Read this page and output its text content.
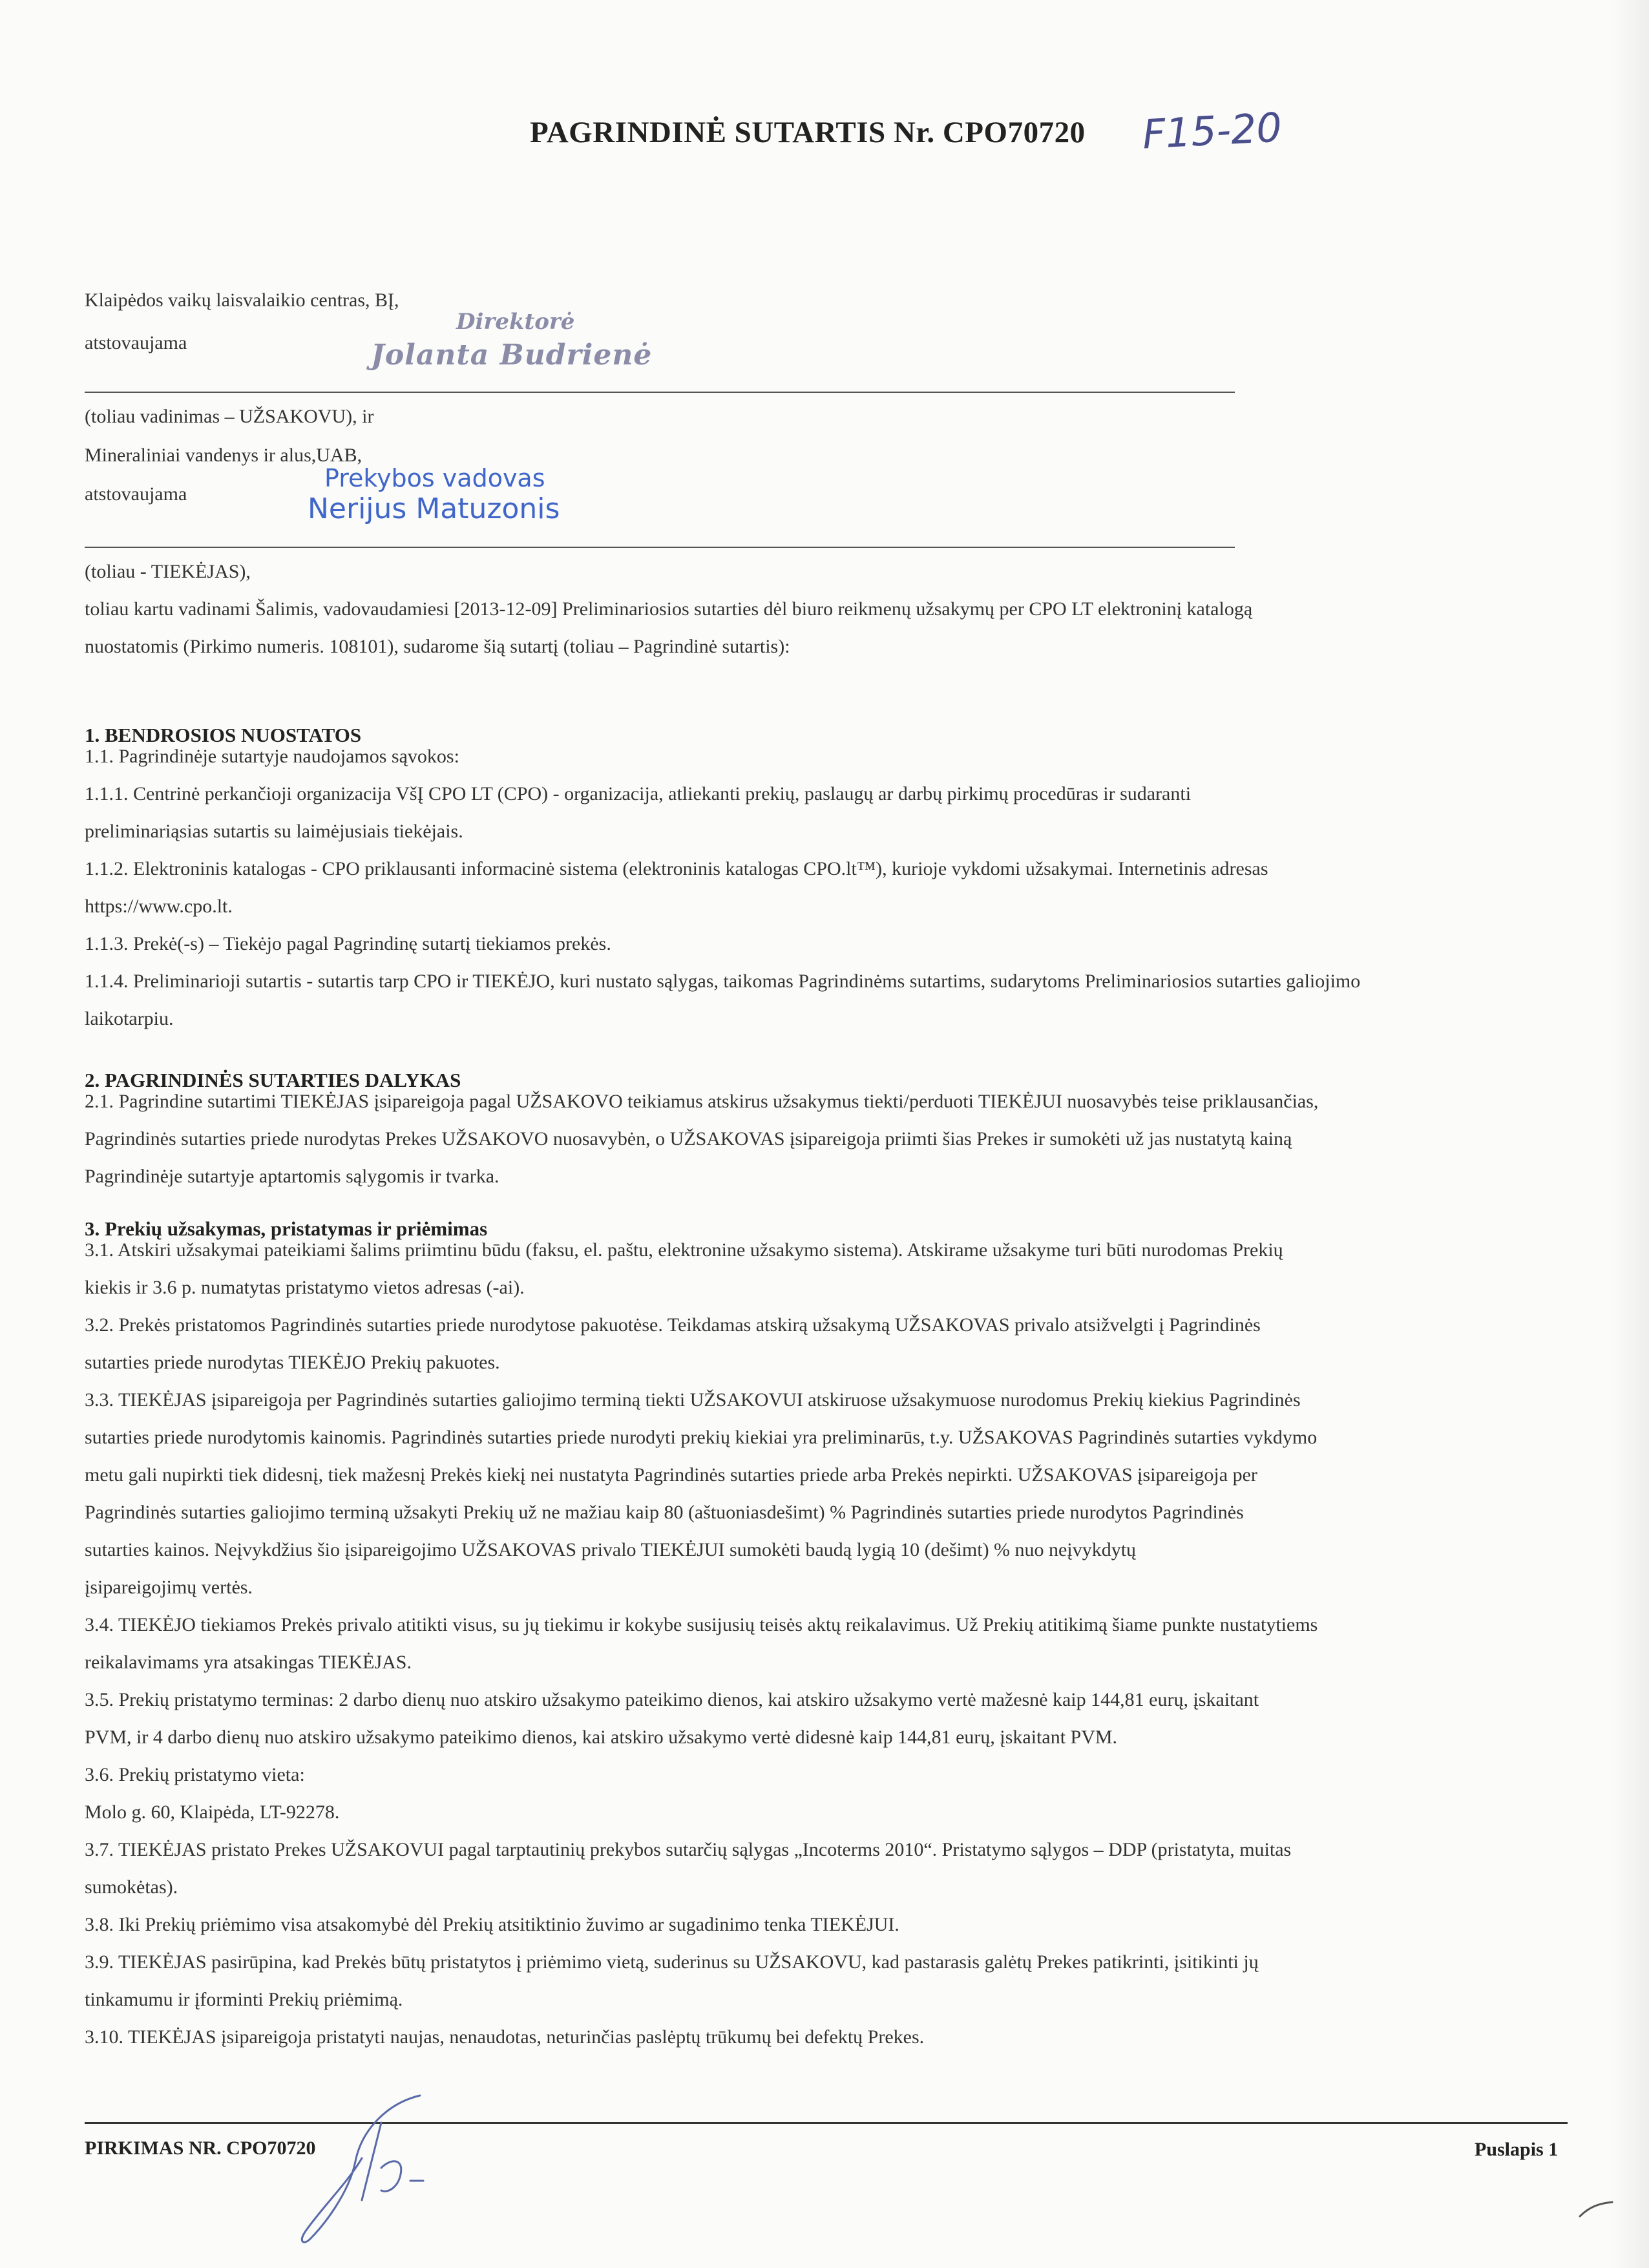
PAGRINDINĖ SUTARTIS Nr. CPO70720 F15-20
Klaipėdos vaikų laisvalaikio centras, BĮ,
atstovaujama
Direktorė
Jolanta Budrienė
(toliau vadinimas – UŽSAKOVU), ir
Mineraliniai vandenys ir alus,UAB,
atstovaujama
Prekybos vadovas
Nerijus Matuzonis
(toliau - TIEKĖJAS),
toliau kartu vadinami Šalimis, vadovaudamiesi [2013-12-09] Preliminariosios sutarties dėl biuro reikmenų užsakymų per CPO LT elektroninį katalogą
nuostatomis (Pirkimo numeris. 108101), sudarome šią sutartį (toliau – Pagrindinė sutartis):
1. BENDROSIOS NUOSTATOS
1.1. Pagrindinėje sutartyje naudojamos sąvokos:
1.1.1. Centrinė perkančioji organizacija VšĮ CPO LT (CPO) - organizacija, atliekanti prekių, paslaugų ar darbų pirkimų procedūras ir sudaranti
preliminariąsias sutartis su laimėjusiais tiekėjais.
1.1.2. Elektroninis katalogas - CPO priklausanti informacinė sistema (elektroninis katalogas CPO.lt™), kurioje vykdomi užsakymai. Internetinis adresas
https://www.cpo.lt.
1.1.3. Prekė(-s) – Tiekėjo pagal Pagrindinę sutartį tiekiamos prekės.
1.1.4. Preliminarioji sutartis - sutartis tarp CPO ir TIEKĖJO, kuri nustato sąlygas, taikomas Pagrindinėms sutartims, sudarytoms Preliminariosios sutarties galiojimo
laikotarpiu.
2. PAGRINDINĖS SUTARTIES DALYKAS
2.1. Pagrindine sutartimi TIEKĖJAS įsipareigoja pagal UŽSAKOVO teikiamus atskirus užsakymus tiekti/perduoti TIEKĖJUI nuosavybės teise priklausančias,
Pagrindinės sutarties priede nurodytas Prekes UŽSAKOVO nuosavybėn, o UŽSAKOVAS įsipareigoja priimti šias Prekes ir sumokėti už jas nustatytą kainą
Pagrindinėje sutartyje aptartomis sąlygomis ir tvarka.
3. Prekių užsakymas, pristatymas ir priėmimas
3.1. Atskiri užsakymai pateikiami šalims priimtinu būdu (faksu, el. paštu, elektronine užsakymo sistema). Atskirame užsakyme turi būti nurodomas Prekių
kiekis ir 3.6 p. numatytas pristatymo vietos adresas (-ai).
3.2. Prekės pristatomos Pagrindinės sutarties priede nurodytose pakuotėse. Teikdamas atskirą užsakymą UŽSAKOVAS privalo atsižvelgti į Pagrindinės
sutarties priede nurodytas TIEKĖJO Prekių pakuotes.
3.3. TIEKĖJAS įsipareigoja per Pagrindinės sutarties galiojimo terminą tiekti UŽSAKOVUI atskiruose užsakymuose nurodomus Prekių kiekius Pagrindinės
sutarties priede nurodytomis kainomis. Pagrindinės sutarties priede nurodyti prekių kiekiai yra preliminarūs, t.y. UŽSAKOVAS Pagrindinės sutarties vykdymo
metu gali nupirkti tiek didesnį, tiek mažesnį Prekės kiekį nei nustatyta Pagrindinės sutarties priede arba Prekės nepirkti. UŽSAKOVAS įsipareigoja per
Pagrindinės sutarties galiojimo terminą užsakyti Prekių už ne mažiau kaip 80 (aštuoniasdešimt) % Pagrindinės sutarties priede nurodytos Pagrindinės
sutarties kainos. Neįvykdžius šio įsipareigojimo UŽSAKOVAS privalo TIEKĖJUI sumokėti baudą lygią 10 (dešimt) % nuo neįvykdytų
įsipareigojimų vertės.
3.4. TIEKĖJO tiekiamos Prekės privalo atitikti visus, su jų tiekimu ir kokybe susijusių teisės aktų reikalavimus. Už Prekių atitikimą šiame punkte nustatytiems
reikalavimams yra atsakingas TIEKĖJAS.
3.5. Prekių pristatymo terminas: 2 darbo dienų nuo atskiro užsakymo pateikimo dienos, kai atskiro užsakymo vertė mažesnė kaip 144,81 eurų, įskaitant
PVM, ir 4 darbo dienų nuo atskiro užsakymo pateikimo dienos, kai atskiro užsakymo vertė didesnė kaip 144,81 eurų, įskaitant PVM.
3.6. Prekių pristatymo vieta:
Molo g. 60, Klaipėda, LT-92278.
3.7. TIEKĖJAS pristato Prekes UŽSAKOVUI pagal tarptautinių prekybos sutarčių sąlygas „Incoterms 2010“. Pristatymo sąlygos – DDP (pristatyta, muitas
sumokėtas).
3.8. Iki Prekių priėmimo visa atsakomybė dėl Prekių atsitiktinio žuvimo ar sugadinimo tenka TIEKĖJUI.
3.9. TIEKĖJAS pasirūpina, kad Prekės būtų pristatytos į priėmimo vietą, suderinus su UŽSAKOVU, kad pastarasis galėtų Prekes patikrinti, įsitikinti jų
tinkamumu ir įforminti Prekių priėmimą.
3.10. TIEKĖJAS įsipareigoja pristatyti naujas, nenaudotas, neturinčias paslėptų trūkumų bei defektų Prekes.
PIRKIMAS NR. CPO70720	Puslapis 1
